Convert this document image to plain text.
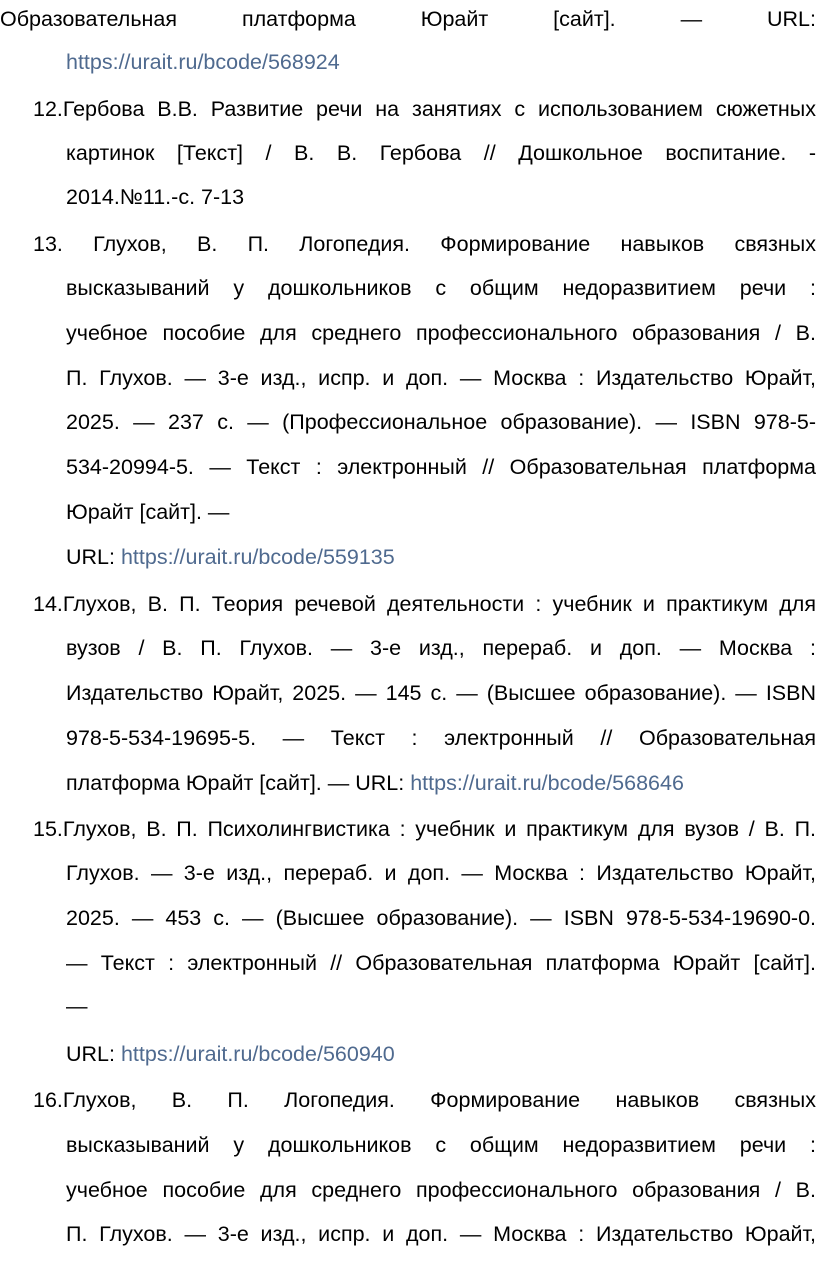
Образовательная платформа Юрайт [сайт]. — URL:
https://urait.ru/bcode/568924
12.Гербова В.В. Развитие речи на занятиях с использованием сюжетных
картинок [Текст] / В. В. Гербова // Дошкольное воспитание. -
2014.№11.-с. 7-13
13. Глухов, В. П. Логопедия. Формирование навыков связных
высказываний у дошкольников с общим недоразвитием речи :
учебное пособие для среднего профессионального образования / В.
П. Глухов. — 3-е изд., испр. и доп. — Москва : Издательство Юрайт,
2025. — 237 с. — (Профессиональное образование). — ISBN 978-5-
534-20994-5. — Текст : электронный // Образовательная платформа
Юрайт [сайт]. —
URL: https://urait.ru/bcode/559135
14.Глухов, В. П. Теория речевой деятельности : учебник и практикум для
вузов / В. П. Глухов. — 3-е изд., перераб. и доп. — Москва :
Издательство Юрайт, 2025. — 145 с. — (Высшее образование). — ISBN
978-5-534-19695-5. — Текст : электронный // Образовательная
платформа Юрайт [сайт]. — URL: https://urait.ru/bcode/568646
15.Глухов, В. П. Психолингвистика : учебник и практикум для вузов / В. П.
Глухов. — 3-е изд., перераб. и доп. — Москва : Издательство Юрайт,
2025. — 453 с. — (Высшее образование). — ISBN 978-5-534-19690-0.
— Текст : электронный // Образовательная платформа Юрайт [сайт].
—
URL: https://urait.ru/bcode/560940
16.Глухов, В. П. Логопедия. Формирование навыков связных
высказываний у дошкольников с общим недоразвитием речи :
учебное пособие для среднего профессионального образования / В.
П. Глухов. — 3-е изд., испр. и доп. — Москва : Издательство Юрайт,
